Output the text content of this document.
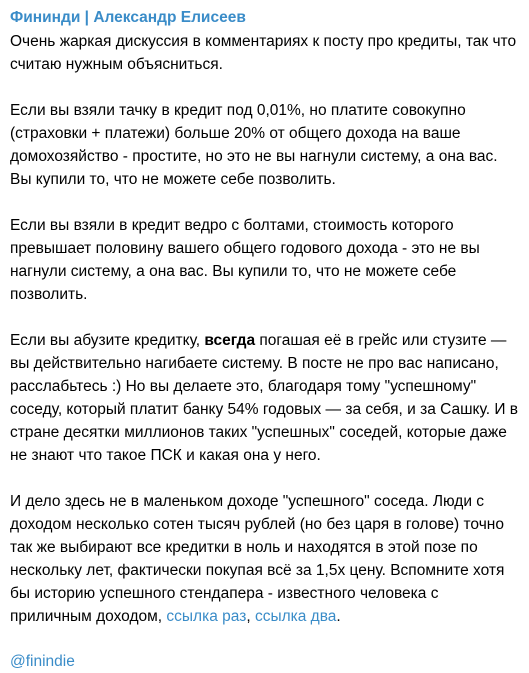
Фининди | Александр Елисеев
Очень жаркая дискуссия в комментариях к посту про кредиты, так что считаю нужным объясниться.
Если вы взяли тачку в кредит под 0,01%, но платите совокупно (страховки + платежи) больше 20% от общего дохода на ваше домохозяйство - простите, но это не вы нагнули систему, а она вас. Вы купили то, что не можете себе позволить.
Если вы взяли в кредит ведро с болтами, стоимость которого превышает половину вашего общего годового дохода - это не вы нагнули систему, а она вас. Вы купили то, что не можете себе позволить.
Если вы абузите кредитку, всегда погашая её в грейс или стузите — вы действительно нагибаете систему. В посте не про вас написано, расслабьтесь :) Но вы делаете это, благодаря тому "успешному" соседу, который платит банку 54% годовых — за себя, и за Сашку. И в стране десятки миллионов таких "успешных" соседей, которые даже не знают что такое ПСК и какая она у него.
И дело здесь не в маленьком доходе "успешного" соседа. Люди с доходом несколько сотен тысяч рублей (но без царя в голове) точно так же выбирают все кредитки в ноль и находятся в этой позе по нескольку лет, фактически покупая всё за 1,5х цену. Вспомните хотя бы историю успешного стендапера - известного человека с приличным доходом, ссылка раз, ссылка два.
@finindie
